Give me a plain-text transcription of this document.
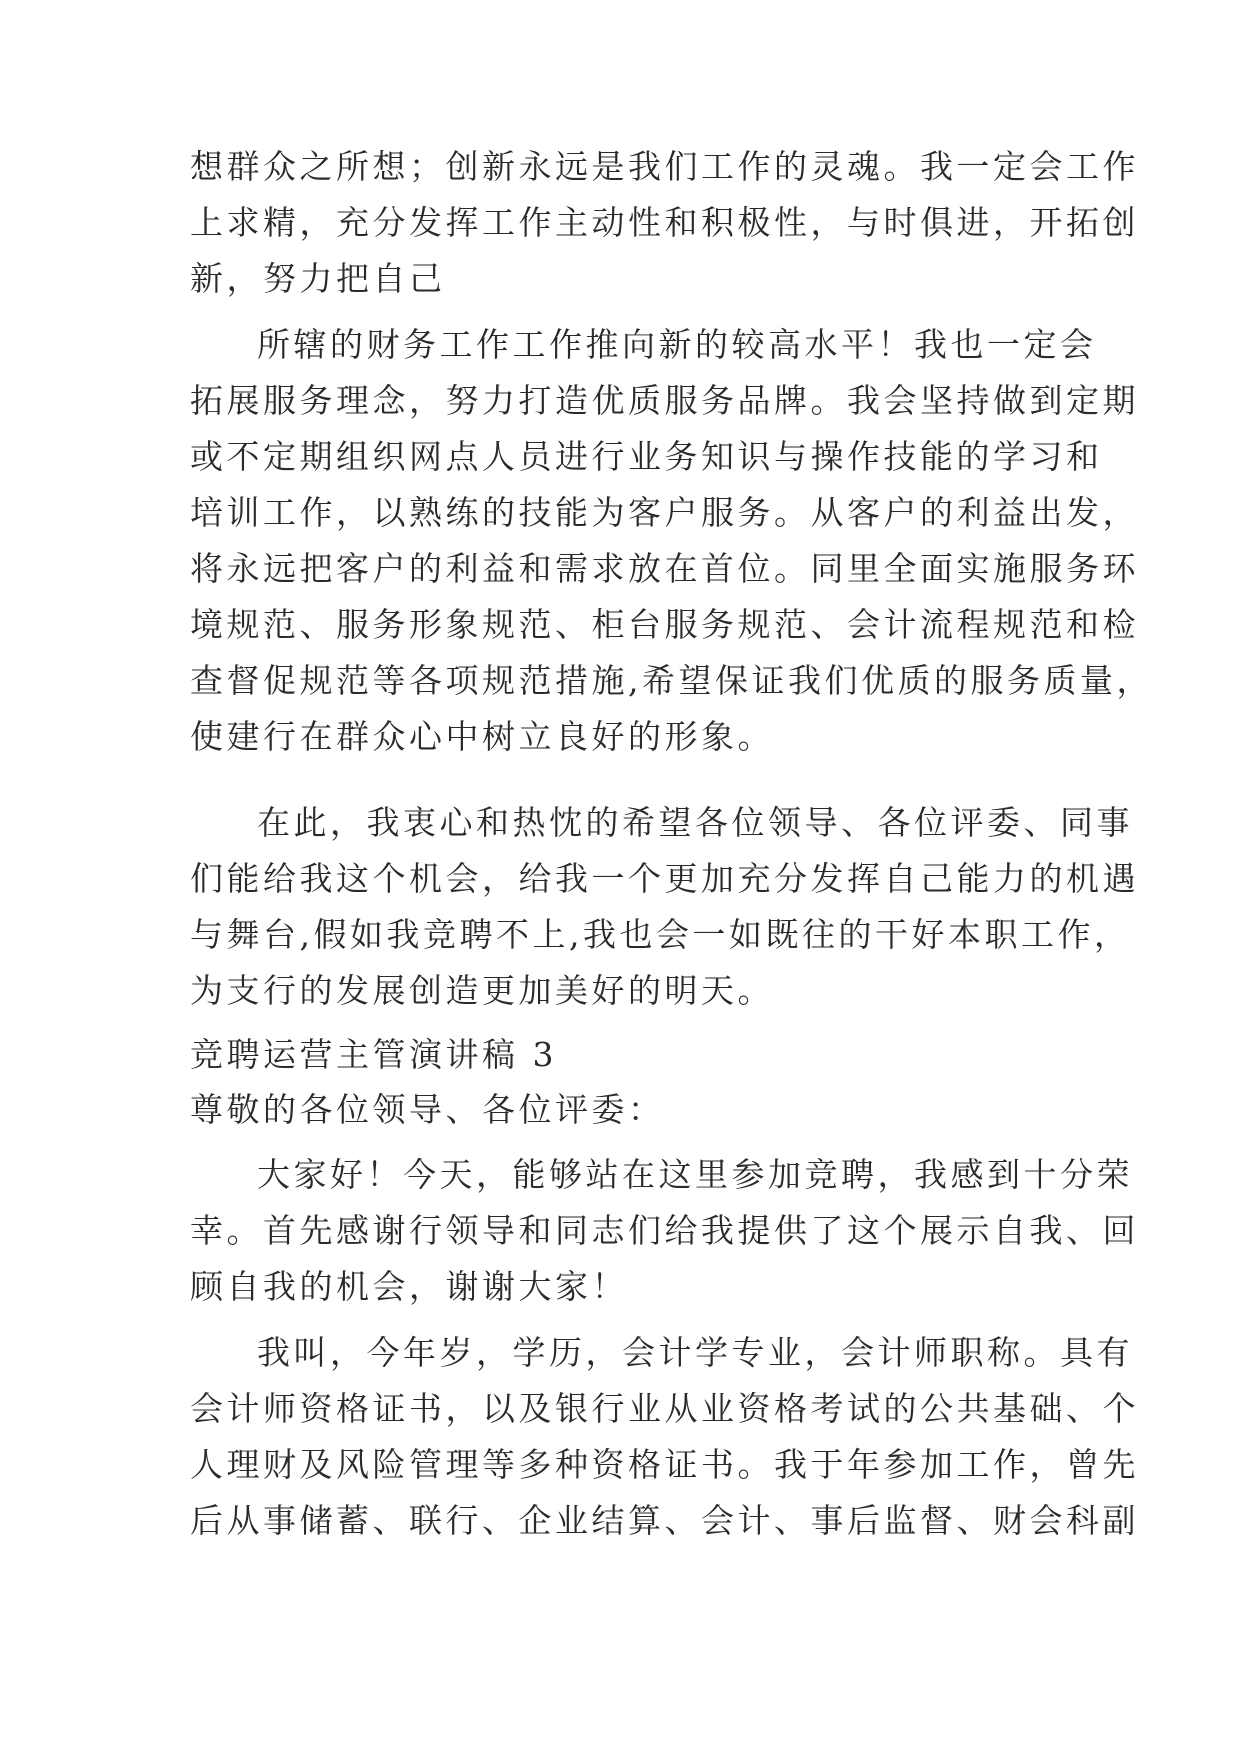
想群众之所想；创新永远是我们工作的灵魂。我一定会工作
上求精，充分发挥工作主动性和积极性，与时俱进，开拓创
新，努力把自己
所辖的财务工作工作推向新的较高水平！我也一定会
拓展服务理念，努力打造优质服务品牌。我会坚持做到定期
或不定期组织网点人员进行业务知识与操作技能的学习和
培训工作，以熟练的技能为客户服务。从客户的利益出发，
将永远把客户的利益和需求放在首位。同里全面实施服务环
境规范、服务形象规范、柜台服务规范、会计流程规范和检
查督促规范等各项规范措施,希望保证我们优质的服务质量，
使建行在群众心中树立良好的形象。
在此，我衷心和热忱的希望各位领导、各位评委、同事
们能给我这个机会，给我一个更加充分发挥自己能力的机遇
与舞台,假如我竞聘不上,我也会一如既往的干好本职工作，
为支行的发展创造更加美好的明天。
竞聘运营主管演讲稿 3
尊敬的各位领导、各位评委：
大家好！今天，能够站在这里参加竞聘，我感到十分荣
幸。首先感谢行领导和同志们给我提供了这个展示自我、回
顾自我的机会，谢谢大家！
我叫，今年岁，学历，会计学专业，会计师职称。具有
会计师资格证书，以及银行业从业资格考试的公共基础、个
人理财及风险管理等多种资格证书。我于年参加工作，曾先
后从事储蓄、联行、企业结算、会计、事后监督、财会科副
